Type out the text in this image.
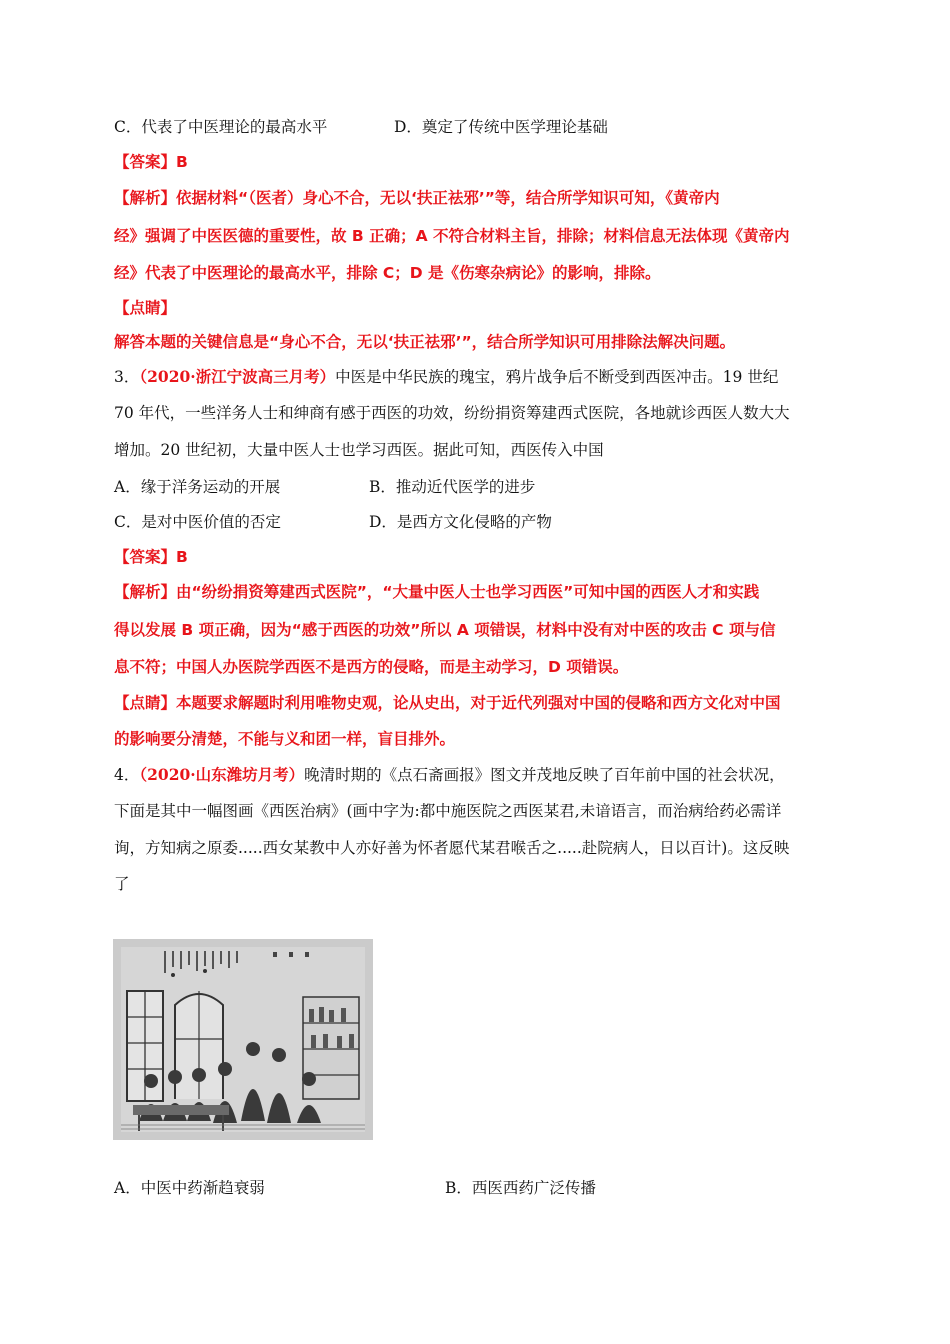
C．代表了中医理论的最高水平	D．奠定了传统中医学理论基础
【答案】B
【解析】依据材料“（医者）身心不合，无以‘扶正祛邪’”等，结合所学知识可知，《黄帝内
经》强调了中医医德的重要性，故 B 正确；A 不符合材料主旨，排除；材料信息无法体现《黄帝内
经》代表了中医理论的最高水平，排除 C；D 是《伤寒杂病论》的影响，排除。
【点睛】
解答本题的关键信息是“身心不合，无以‘扶正祛邪’”，结合所学知识可用排除法解决问题。
3．（2020·浙江宁波高三月考）中医是中华民族的瑰宝，鸦片战争后不断受到西医冲击。19 世纪
70 年代，一些洋务人士和绅商有感于西医的功效，纷纷捐资筹建西式医院，各地就诊西医人数大大
增加。20 世纪初，大量中医人士也学习西医。据此可知，西医传入中国
A．缘于洋务运动的开展	B．推动近代医学的进步
C．是对中医价值的否定	D．是西方文化侵略的产物
【答案】B
【解析】由“纷纷捐资筹建西式医院”，“大量中医人士也学习西医”可知中国的西医人才和实践
得以发展 B 项正确，因为“感于西医的功效”所以 A 项错误，材料中没有对中医的攻击 C 项与信
息不符；中国人办医院学西医不是西方的侵略，而是主动学习，D 项错误。
【点睛】本题要求解题时利用唯物史观，论从史出，对于近代列强对中国的侵略和西方文化对中国
的影响要分清楚，不能与义和团一样，盲目排外。
4．（2020·山东潍坊月考）晚清时期的《点石斋画报》图文并茂地反映了百年前中国的社会状况，
下面是其中一幅图画《西医治病》(画中字为:都中施医院之西医某君,未谙语言，而治病给药必需详
询，方知病之原委.....西女某教中人亦好善为怀者愿代某君喉舌之.....赴院病人，日以百计)。这反映
了
A．中医中药渐趋衰弱	B．西医西药广泛传播
